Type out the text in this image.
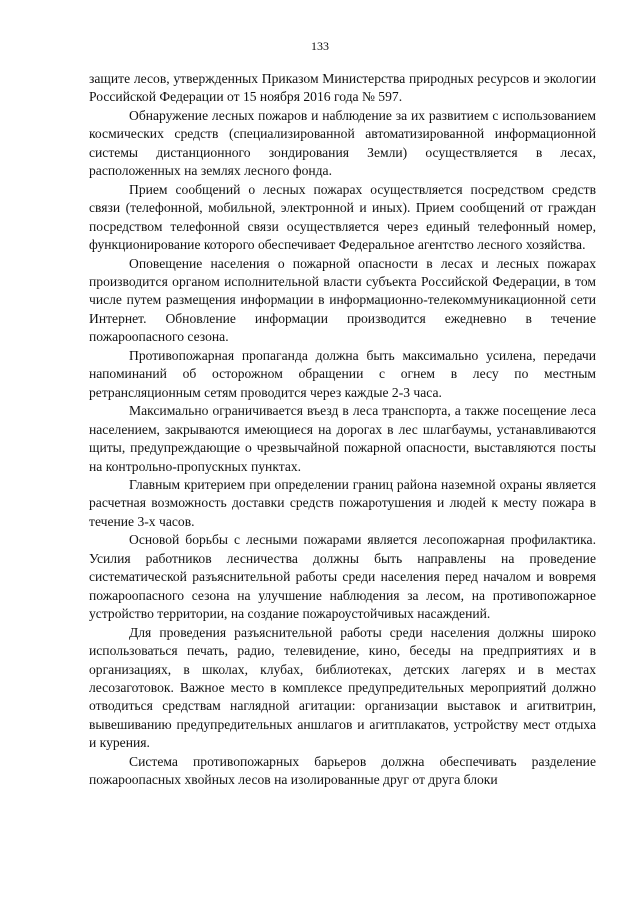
133

защите лесов, утвержденных Приказом Министерства природных ресурсов и экологии Российской Федерации от 15 ноября 2016 года № 597.

Обнаружение лесных пожаров и наблюдение за их развитием с использованием космических средств (специализированной автоматизированной информационной системы дистанционного зондирования Земли) осуществляется в лесах, расположенных на землях лесного фонда.

Прием сообщений о лесных пожарах осуществляется посредством средств связи (телефонной, мобильной, электронной и иных). Прием сообщений от граждан посредством телефонной связи осуществляется через единый телефонный номер, функционирование которого обеспечивает Федеральное агентство лесного хозяйства.

Оповещение населения о пожарной опасности в лесах и лесных пожарах производится органом исполнительной власти субъекта Российской Федерации, в том числе путем размещения информации в информационно-телекоммуникационной сети Интернет. Обновление информации производится ежедневно в течение пожароопасного сезона.

Противопожарная пропаганда должна быть максимально усилена, передачи напоминаний об осторожном обращении с огнем в лесу по местным ретрансляционным сетям проводится через каждые 2-3 часа.

Максимально ограничивается въезд в леса транспорта, а также посещение леса населением, закрываются имеющиеся на дорогах в лес шлагбаумы, устанавливаются щиты, предупреждающие о чрезвычайной пожарной опасности, выставляются посты на контрольно-пропускных пунктах.

Главным критерием при определении границ района наземной охраны является расчетная возможность доставки средств пожаротушения и людей к месту пожара в течение 3-х часов.

Основой борьбы с лесными пожарами является лесопожарная профилактика. Усилия работников лесничества должны быть направлены на проведение систематической разъяснительной работы среди населения перед началом и вовремя пожароопасного сезона на улучшение наблюдения за лесом, на противопожарное устройство территории, на создание пожароустойчивых насаждений.

Для проведения разъяснительной работы среди населения должны широко использоваться печать, радио, телевидение, кино, беседы на предприятиях и в организациях, в школах, клубах, библиотеках, детских лагерях и в местах лесозаготовок. Важное место в комплексе предупредительных мероприятий должно отводиться средствам наглядной агитации: организации выставок и агитвитрин, вывешиванию предупредительных аншлагов и агитплакатов, устройству мест отдыха и курения.

Система противопожарных барьеров должна обеспечивать разделение пожароопасных хвойных лесов на изолированные друг от друга блоки
